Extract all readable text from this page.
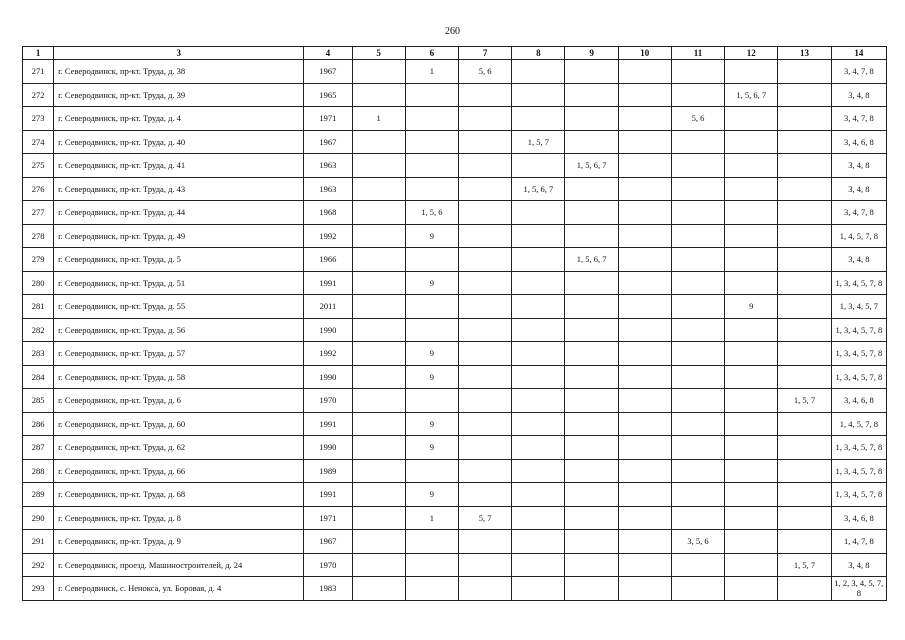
260
1	3	4	5	6	7	8	9	10	11	12	13	14
271	г. Северодвинск, пр-кт. Труда, д. 38	1967		1	5, 6							3, 4, 7, 8
272	г. Северодвинск, пр-кт. Труда, д. 39	1965								1, 5, 6, 7		3, 4, 8
273	г. Северодвинск, пр-кт. Труда, д. 4	1971	1						5, 6			3, 4, 7, 8
274	г. Северодвинск, пр-кт. Труда, д. 40	1967				1, 5, 7						3, 4, 6, 8
275	г. Северодвинск, пр-кт. Труда, д. 41	1963					1, 5, 6, 7					3, 4, 8
276	г. Северодвинск, пр-кт. Труда, д. 43	1963				1, 5, 6, 7						3, 4, 8
277	г. Северодвинск, пр-кт. Труда, д. 44	1968		1, 5, 6								3, 4, 7, 8
278	г. Северодвинск, пр-кт. Труда, д. 49	1992		9								1, 4, 5, 7, 8
279	г. Северодвинск, пр-кт. Труда, д. 5	1966					1, 5, 6, 7					3, 4, 8
280	г. Северодвинск, пр-кт. Труда, д. 51	1991		9								1, 3, 4, 5, 7, 8
281	г. Северодвинск, пр-кт. Труда, д. 55	2011								9		1, 3, 4, 5, 7
282	г. Северодвинск, пр-кт. Труда, д. 56	1990										1, 3, 4, 5, 7, 8
283	г. Северодвинск, пр-кт. Труда, д. 57	1992		9								1, 3, 4, 5, 7, 8
284	г. Северодвинск, пр-кт. Труда, д. 58	1990		9								1, 3, 4, 5, 7, 8
285	г. Северодвинск, пр-кт. Труда, д. 6	1970									1, 5, 7	3, 4, 6, 8
286	г. Северодвинск, пр-кт. Труда, д. 60	1991		9								1, 4, 5, 7, 8
287	г. Северодвинск, пр-кт. Труда, д. 62	1990		9								1, 3, 4, 5, 7, 8
288	г. Северодвинск, пр-кт. Труда, д. 66	1989										1, 3, 4, 5, 7, 8
289	г. Северодвинск, пр-кт. Труда, д. 68	1991		9								1, 3, 4, 5, 7, 8
290	г. Северодвинск, пр-кт. Труда, д. 8	1971		1	5, 7							3, 4, 6, 8
291	г. Северодвинск, пр-кт. Труда, д. 9	1967							3, 5, 6			1, 4, 7, 8
292	г. Северодвинск, проезд. Машиностроителей, д. 24	1970									1, 5, 7	3, 4, 8
293	г. Северодвинск, с. Ненокса, ул. Боровая, д. 4	1983										1, 2, 3, 4, 5, 7, 8
